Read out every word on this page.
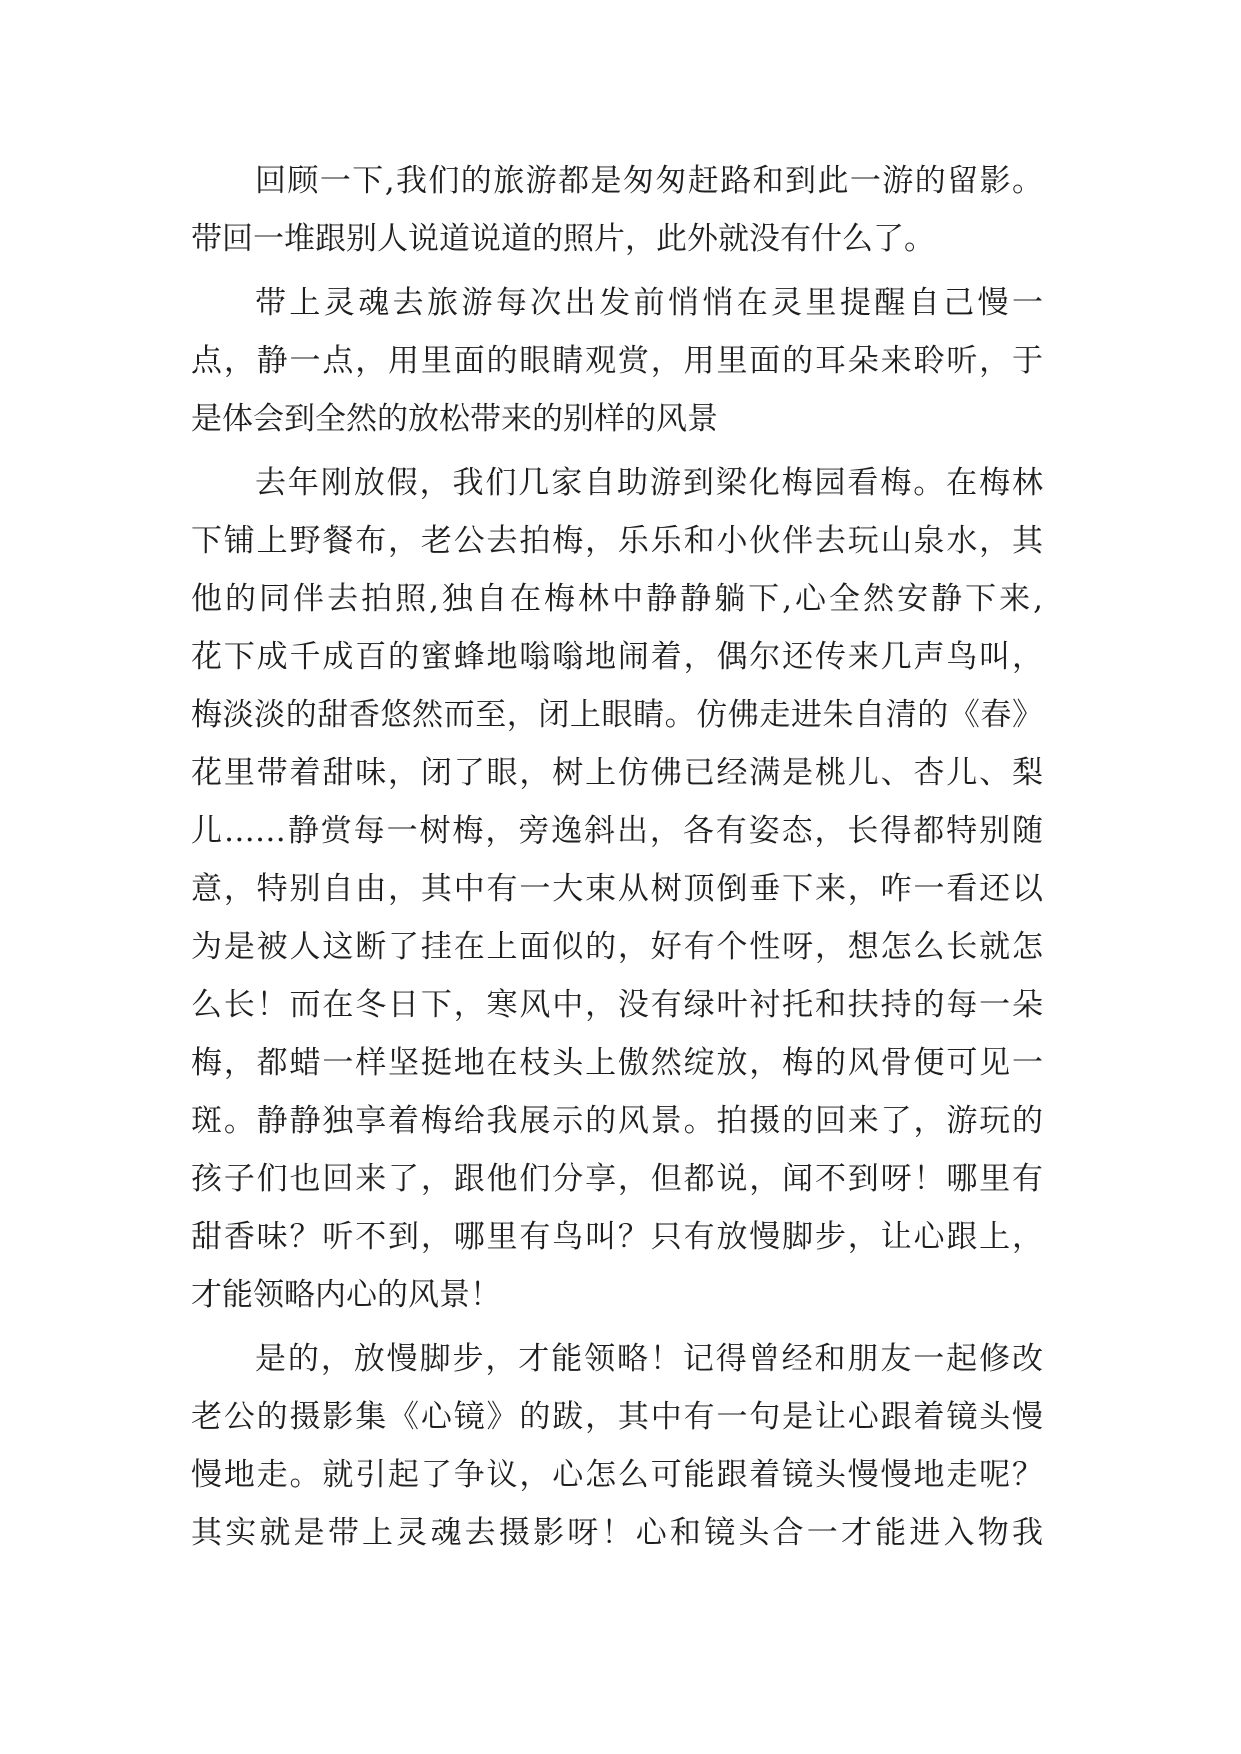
回顾一下,我们的旅游都是匆匆赶路和到此一游的留影。
带回一堆跟别人说道说道的照片，此外就没有什么了。
带上灵魂去旅游每次出发前悄悄在灵里提醒自己慢一
点，静一点，用里面的眼睛观赏，用里面的耳朵来聆听，于
是体会到全然的放松带来的别样的风景
去年刚放假，我们几家自助游到梁化梅园看梅。在梅林
下铺上野餐布，老公去拍梅，乐乐和小伙伴去玩山泉水，其
他的同伴去拍照,独自在梅林中静静躺下,心全然安静下来,
花下成千成百的蜜蜂地嗡嗡地闹着，偶尔还传来几声鸟叫，
梅淡淡的甜香悠然而至，闭上眼睛。仿佛走进朱自清的《春》
花里带着甜味，闭了眼，树上仿佛已经满是桃儿、杏儿、梨
儿……静赏每一树梅，旁逸斜出，各有姿态，长得都特别随
意，特别自由，其中有一大束从树顶倒垂下来，咋一看还以
为是被人这断了挂在上面似的，好有个性呀，想怎么长就怎
么长！而在冬日下，寒风中，没有绿叶衬托和扶持的每一朵
梅，都蜡一样坚挺地在枝头上傲然绽放，梅的风骨便可见一
斑。静静独享着梅给我展示的风景。拍摄的回来了，游玩的
孩子们也回来了，跟他们分享，但都说，闻不到呀！哪里有
甜香味？听不到，哪里有鸟叫？只有放慢脚步，让心跟上，
才能领略内心的风景！
是的，放慢脚步，才能领略！记得曾经和朋友一起修改
老公的摄影集《心镜》的跋，其中有一句是让心跟着镜头慢
慢地走。就引起了争议，心怎么可能跟着镜头慢慢地走呢？
其实就是带上灵魂去摄影呀！心和镜头合一才能进入物我
